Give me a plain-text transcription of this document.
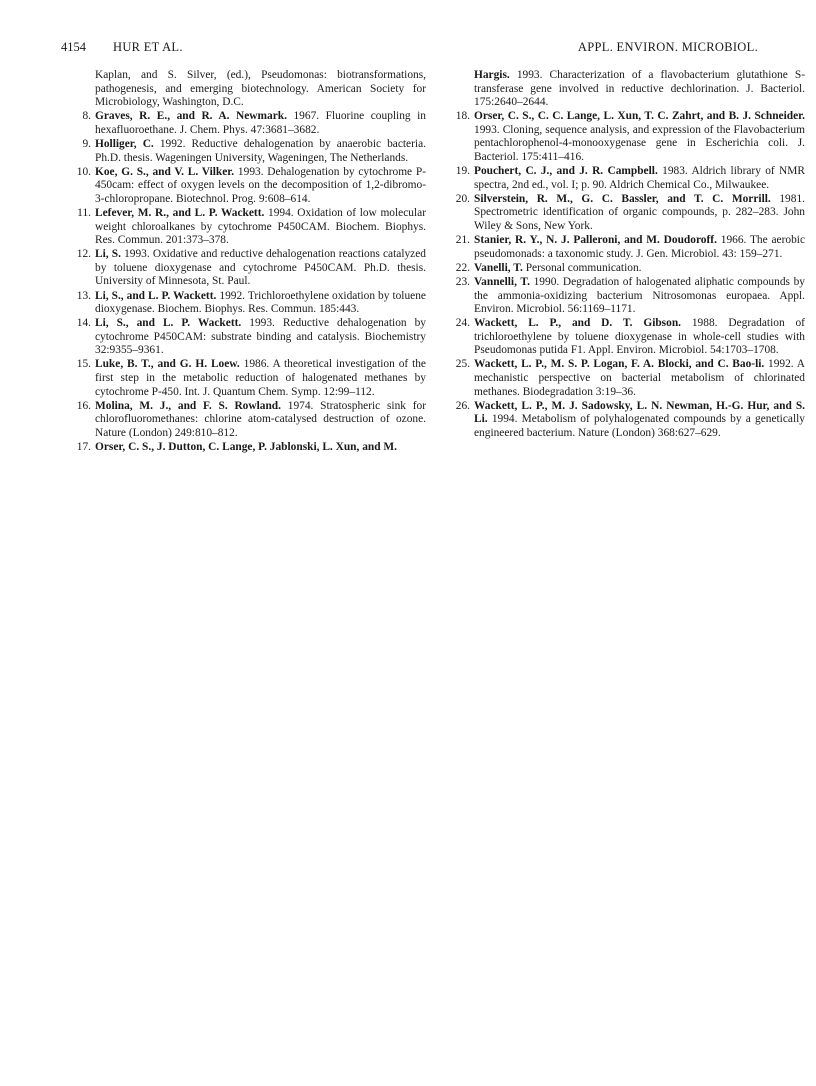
4154 HUR ET AL.	APPL. ENVIRON. MICROBIOL.

Kaplan, and S. Silver, (ed.), Pseudomonas: biotransformations, pathogenesis, and emerging biotechnology. American Society for Microbiology, Washington, D.C.

8. Graves, R. E., and R. A. Newmark. 1967. Fluorine coupling in hexafluoroethane. J. Chem. Phys. 47:3681–3682.

9. Holliger, C. 1992. Reductive dehalogenation by anaerobic bacteria. Ph.D. thesis. Wageningen University, Wageningen, The Netherlands.

10. Koe, G. S., and V. L. Vilker. 1993. Dehalogenation by cytochrome P-450cam: effect of oxygen levels on the decomposition of 1,2-dibromo-3-chloropropane. Biotechnol. Prog. 9:608–614.

11. Lefever, M. R., and L. P. Wackett. 1994. Oxidation of low molecular weight chloroalkanes by cytochrome P450CAM. Biochem. Biophys. Res. Commun. 201:373–378.

12. Li, S. 1993. Oxidative and reductive dehalogenation reactions catalyzed by toluene dioxygenase and cytochrome P450CAM. Ph.D. thesis. University of Minnesota, St. Paul.

13. Li, S., and L. P. Wackett. 1992. Trichloroethylene oxidation by toluene dioxygenase. Biochem. Biophys. Res. Commun. 185:443.

14. Li, S., and L. P. Wackett. 1993. Reductive dehalogenation by cytochrome P450CAM: substrate binding and catalysis. Biochemistry 32:9355–9361.

15. Luke, B. T., and G. H. Loew. 1986. A theoretical investigation of the first step in the metabolic reduction of halogenated methanes by cytochrome P-450. Int. J. Quantum Chem. Symp. 12:99–112.

16. Molina, M. J., and F. S. Rowland. 1974. Stratospheric sink for chlorofluoromethanes: chlorine atom-catalysed destruction of ozone. Nature (London) 249:810–812.

17. Orser, C. S., J. Dutton, C. Lange, P. Jablonski, L. Xun, and M.

Hargis. 1993. Characterization of a flavobacterium glutathione S-transferase gene involved in reductive dechlorination. J. Bacteriol. 175:2640–2644.

18. Orser, C. S., C. C. Lange, L. Xun, T. C. Zahrt, and B. J. Schneider. 1993. Cloning, sequence analysis, and expression of the Flavobacterium pentachlorophenol-4-monooxygenase gene in Escherichia coli. J. Bacteriol. 175:411–416.

19. Pouchert, C. J., and J. R. Campbell. 1983. Aldrich library of NMR spectra, 2nd ed., vol. I; p. 90. Aldrich Chemical Co., Milwaukee.

20. Silverstein, R. M., G. C. Bassler, and T. C. Morrill. 1981. Spectrometric identification of organic compounds, p. 282–283. John Wiley & Sons, New York.

21. Stanier, R. Y., N. J. Palleroni, and M. Doudoroff. 1966. The aerobic pseudomonads: a taxonomic study. J. Gen. Microbiol. 43: 159–271.

22. Vanelli, T. Personal communication.

23. Vannelli, T. 1990. Degradation of halogenated aliphatic compounds by the ammonia-oxidizing bacterium Nitrosomonas europaea. Appl. Environ. Microbiol. 56:1169–1171.

24. Wackett, L. P., and D. T. Gibson. 1988. Degradation of trichloroethylene by toluene dioxygenase in whole-cell studies with Pseudomonas putida F1. Appl. Environ. Microbiol. 54:1703–1708.

25. Wackett, L. P., M. S. P. Logan, F. A. Blocki, and C. Bao-li. 1992. A mechanistic perspective on bacterial metabolism of chlorinated methanes. Biodegradation 3:19–36.

26. Wackett, L. P., M. J. Sadowsky, L. N. Newman, H.-G. Hur, and S. Li. 1994. Metabolism of polyhalogenated compounds by a genetically engineered bacterium. Nature (London) 368:627–629.
